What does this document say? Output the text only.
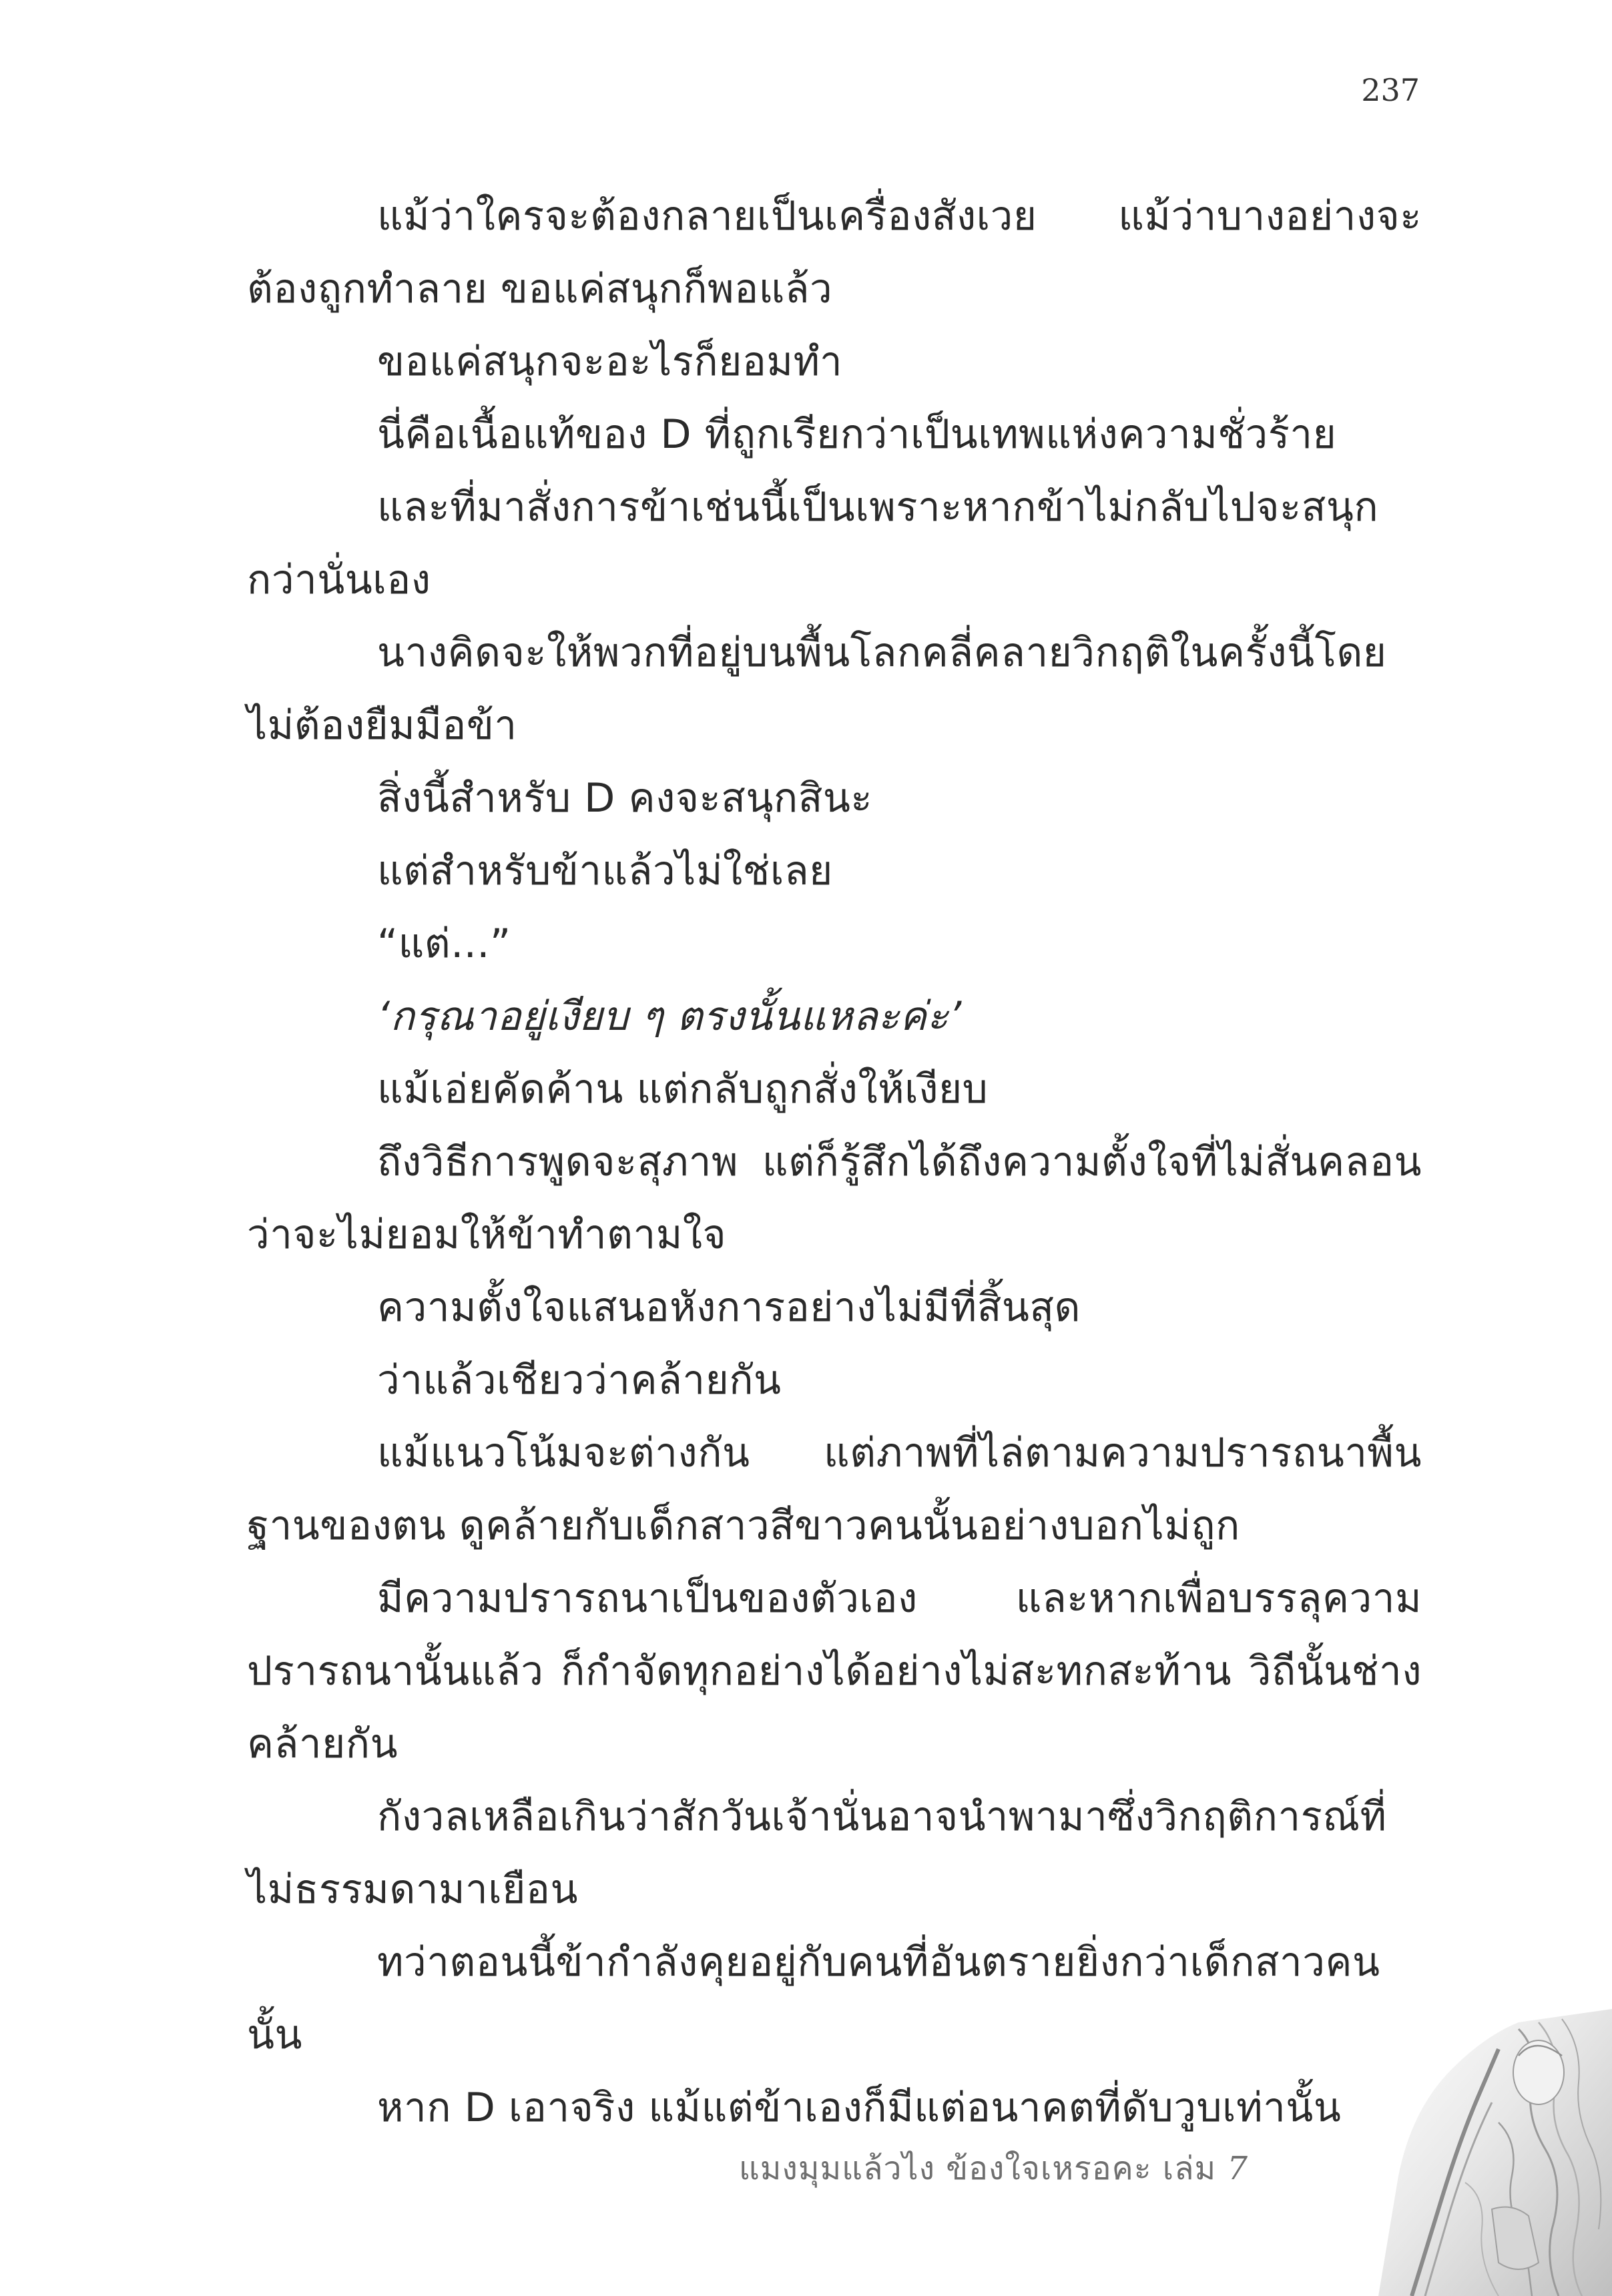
237

แม้ว่าใครจะต้องกลายเป็นเครื่องสังเวย แม้ว่าบางอย่างจะต้องถูกทำลาย ขอแค่สนุกก็พอแล้ว

ขอแค่สนุกจะอะไรก็ยอมทำ

นี่คือเนื้อแท้ของ D ที่ถูกเรียกว่าเป็นเทพแห่งความชั่วร้าย

และที่มาสั่งการข้าเช่นนี้เป็นเพราะหากข้าไม่กลับไปจะสนุกกว่านั่นเอง

นางคิดจะให้พวกที่อยู่บนพื้นโลกคลี่คลายวิกฤติในครั้งนี้โดยไม่ต้องยืมมือข้า

สิ่งนี้สำหรับ D คงจะสนุกสินะ

แต่สำหรับข้าแล้วไม่ใช่เลย

“แต่...”

‘กรุณาอยู่เงียบ ๆ ตรงนั้นแหละค่ะ’

แม้เอ่ยคัดค้าน แต่กลับถูกสั่งให้เงียบ

ถึงวิธีการพูดจะสุภาพ แต่ก็รู้สึกได้ถึงความตั้งใจที่ไม่สั่นคลอนว่าจะไม่ยอมให้ข้าทำตามใจ

ความตั้งใจแสนอหังการอย่างไม่มีที่สิ้นสุด

ว่าแล้วเชียวว่าคล้ายกัน

แม้แนวโน้มจะต่างกัน แต่ภาพที่ไล่ตามความปรารถนาพื้นฐานของตน ดูคล้ายกับเด็กสาวสีขาวคนนั้นอย่างบอกไม่ถูก

มีความปรารถนาเป็นของตัวเอง และหากเพื่อบรรลุความปรารถนานั้นแล้ว ก็กำจัดทุกอย่างได้อย่างไม่สะทกสะท้าน วิถีนั้นช่างคล้ายกัน

กังวลเหลือเกินว่าสักวันเจ้านั่นอาจนำพามาซึ่งวิกฤติการณ์ที่ไม่ธรรมดามาเยือน

ทว่าตอนนี้ข้ากำลังคุยอยู่กับคนที่อันตรายยิ่งกว่าเด็กสาวคนนั้น

หาก D เอาจริง แม้แต่ข้าเองก็มีแต่อนาคตที่ดับวูบเท่านั้น

แมงมุมแล้วไง ข้องใจเหรอคะ เล่ม 7
